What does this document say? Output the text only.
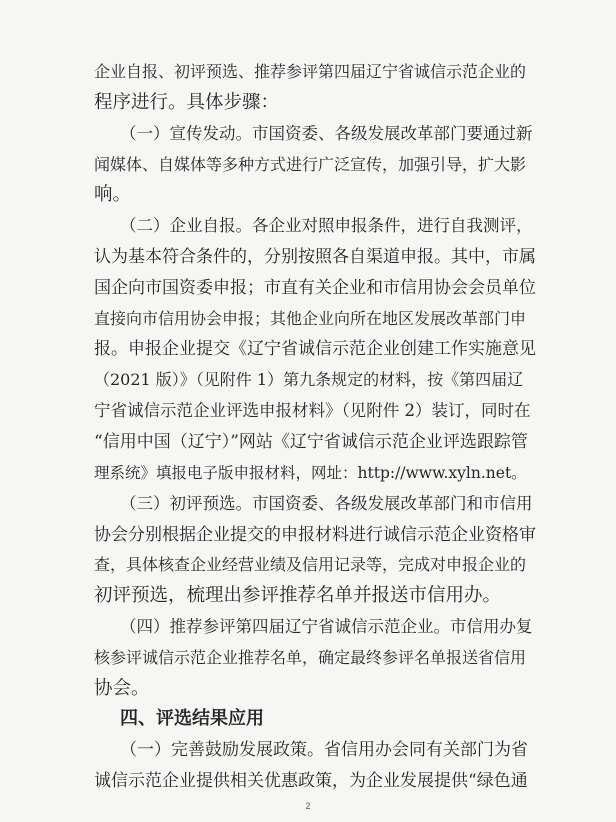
企业自报、初评预选、推荐参评第四届辽宁省诚信示范企业的
程序进行。具体步骤：
（一）宣传发动。市国资委、各级发展改革部门要通过新
闻媒体、自媒体等多种方式进行广泛宣传，加强引导，扩大影
响。
（二）企业自报。各企业对照申报条件，进行自我测评，
认为基本符合条件的，分别按照各自渠道申报。其中，市属
国企向市国资委申报；市直有关企业和市信用协会会员单位
直接向市信用协会申报；其他企业向所在地区发展改革部门申
报。申报企业提交《辽宁省诚信示范企业创建工作实施意见
（2021 版）》（见附件 1）第九条规定的材料，按《第四届辽
宁省诚信示范企业评选申报材料》（见附件 2）装订，同时在
“信用中国（辽宁）”网站《辽宁省诚信示范企业评选跟踪管
理系统》填报电子版申报材料，网址：http://www.xyln.net。
（三）初评预选。市国资委、各级发展改革部门和市信用
协会分别根据企业提交的申报材料进行诚信示范企业资格审
查，具体核查企业经营业绩及信用记录等，完成对申报企业的
初评预选，梳理出参评推荐名单并报送市信用办。
（四）推荐参评第四届辽宁省诚信示范企业。市信用办复
核参评诚信示范企业推荐名单，确定最终参评名单报送省信用
协会。
四、评选结果应用
（一）完善鼓励发展政策。省信用办会同有关部门为省
诚信示范企业提供相关优惠政策，为企业发展提供“绿色通
2
